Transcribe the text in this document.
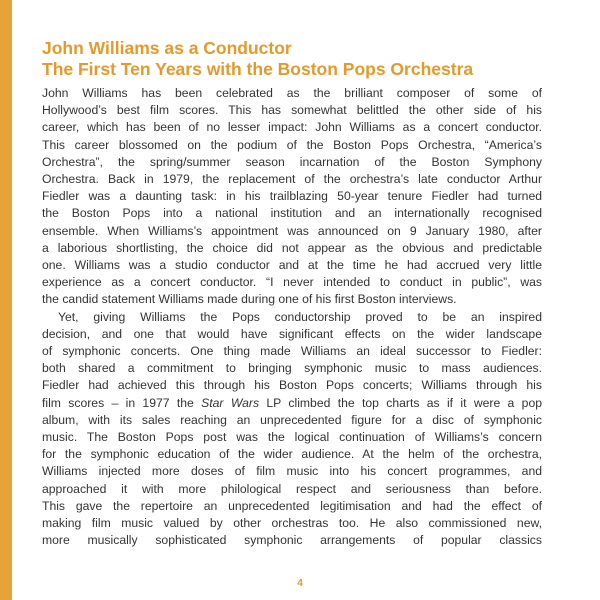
John Williams as a Conductor
The First Ten Years with the Boston Pops Orchestra
John Williams has been celebrated as the brilliant composer of some of
Hollywood’s best film scores. This has somewhat belittled the other side of his
career, which has been of no lesser impact: John Williams as a concert conductor.
This career blossomed on the podium of the Boston Pops Orchestra, “America’s
Orchestra”, the spring/summer season incarnation of the Boston Symphony
Orchestra. Back in 1979, the replacement of the orchestra’s late conductor Arthur
Fiedler was a daunting task: in his trailblazing 50-year tenure Fiedler had turned
the Boston Pops into a national institution and an internationally recognised
ensemble. When Williams’s appointment was announced on 9 January 1980, after
a laborious shortlisting, the choice did not appear as the obvious and predictable
one. Williams was a studio conductor and at the time he had accrued very little
experience as a concert conductor. “I never intended to conduct in public”, was
the candid statement Williams made during one of his first Boston interviews.
Yet, giving Williams the Pops conductorship proved to be an inspired
decision, and one that would have significant effects on the wider landscape
of symphonic concerts. One thing made Williams an ideal successor to Fiedler:
both shared a commitment to bringing symphonic music to mass audiences.
Fiedler had achieved this through his Boston Pops concerts; Williams through his
film scores – in 1977 the Star Wars LP climbed the top charts as if it were a pop
album, with its sales reaching an unprecedented figure for a disc of symphonic
music. The Boston Pops post was the logical continuation of Williams’s concern
for the symphonic education of the wider audience. At the helm of the orchestra,
Williams injected more doses of film music into his concert programmes, and
approached it with more philological respect and seriousness than before.
This gave the repertoire an unprecedented legitimisation and had the effect of
making film music valued by other orchestras too. He also commissioned new,
more musically sophisticated symphonic arrangements of popular classics
4
